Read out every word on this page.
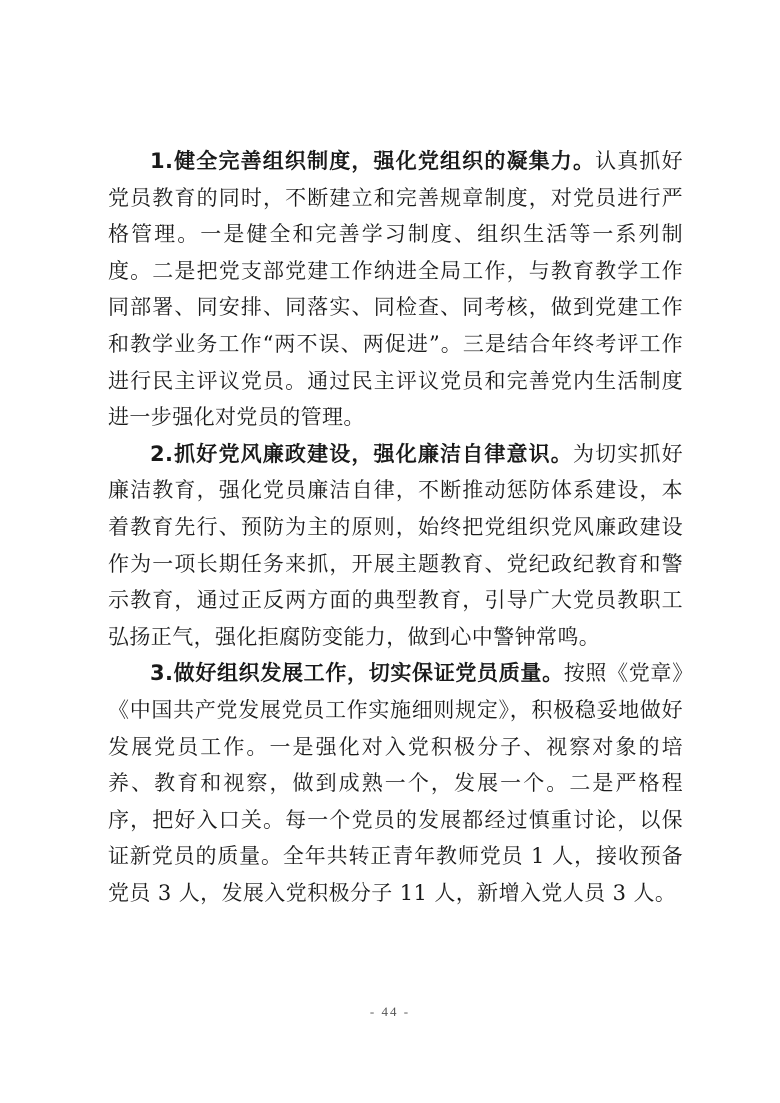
1.健全完善组织制度，强化党组织的凝集力。认真抓好党员教育的同时，不断建立和完善规章制度，对党员进行严格管理。一是健全和完善学习制度、组织生活等一系列制度。二是把党支部党建工作纳进全局工作，与教育教学工作同部署、同安排、同落实、同检查、同考核，做到党建工作和教学业务工作“两不误、两促进”。三是结合年终考评工作进行民主评议党员。通过民主评议党员和完善党内生活制度进一步强化对党员的管理。

2.抓好党风廉政建设，强化廉洁自律意识。为切实抓好廉洁教育，强化党员廉洁自律，不断推动惩防体系建设，本着教育先行、预防为主的原则，始终把党组织党风廉政建设作为一项长期任务来抓，开展主题教育、党纪政纪教育和警示教育，通过正反两方面的典型教育，引导广大党员教职工弘扬正气，强化拒腐防变能力，做到心中警钟常鸣。

3.做好组织发展工作，切实保证党员质量。按照《党章》《中国共产党发展党员工作实施细则规定》，积极稳妥地做好发展党员工作。一是强化对入党积极分子、视察对象的培养、教育和视察，做到成熟一个，发展一个。二是严格程序，把好入口关。每一个党员的发展都经过慎重讨论，以保证新党员的质量。全年共转正青年教师党员 1 人，接收预备党员 3 人，发展入党积极分子 11 人，新增入党人员 3 人。

- 44 -
